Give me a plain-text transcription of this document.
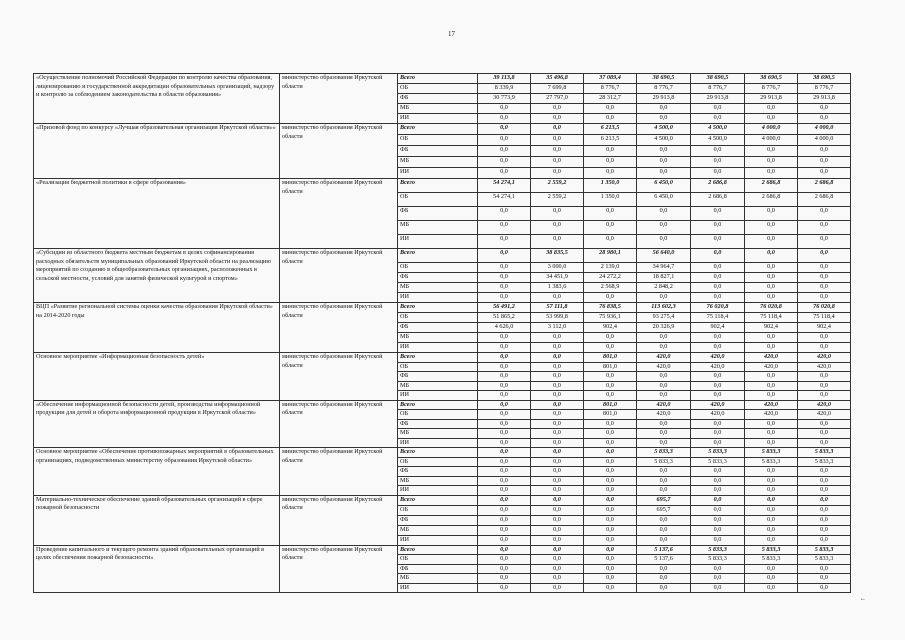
17
«Осуществление полномочий Российской Федерации по контролю качества образования, лицензированию и государственной аккредитации образовательных организаций, надзору и контролю за соблюдением законодательства в области образования»	министерство образования Иркутской области	Всего	39 113,8	35 496,8	37 089,4	38 690,5	38 690,5	38 690,5	38 690,5
		ОБ	8 339,9	7 699,8	8 776,7	8 776,7	8 776,7	8 776,7	8 776,7
		ФБ	30 773,9	27 797,0	28 312,7	29 913,8	29 913,8	29 913,8	29 913,8
		МБ	0,0	0,0	0,0	0,0	0,0	0,0	0,0
		ИИ	0,0	0,0	0,0	0,0	0,0	0,0	0,0
«Призовой фонд по конкурсу «Лучшая образовательная организация Иркутской области»»	министерство образования Иркутской области	Всего	0,0	0,0	6 213,5	4 500,0	4 500,0	4 000,0	4 000,0
		ОБ	0,0	0,0	6 213,5	4 500,0	4 500,0	4 000,0	4 000,0
		ФБ	0,0	0,0	0,0	0,0	0,0	0,0	0,0
		МБ	0,0	0,0	0,0	0,0	0,0	0,0	0,0
		ИИ	0,0	0,0	0,0	0,0	0,0	0,0	0,0
«Реализация бюджетной политики в сфере образования»	министерство образования Иркутской области	Всего	54 274,1	2 559,2	1 350,0	6 450,0	2 686,8	2 686,8	2 686,8
		ОБ	54 274,1	2 559,2	1 350,0	6 450,0	2 686,8	2 686,8	2 686,8
		ФБ	0,0	0,0	0,0	0,0	0,0	0,0	0,0
		МБ	0,0	0,0	0,0	0,0	0,0	0,0	0,0
		ИИ	0,0	0,0	0,0	0,0	0,0	0,0	0,0
«Субсидии из областного бюджета местным бюджетам в целях софинансирования расходных обязательств муниципальных образований Иркутской области на реализацию мероприятий по созданию в общеобразовательных организациях, расположенных в сельской местности, условий для занятий физической культурой и спортом»	министерство образования Иркутской области	Всего	0,0	38 835,5	28 980,1	56 640,0	0,0	0,0	0,0
		ОБ	0,0	3 000,0	2 139,0	34 964,7	0,0	0,0	0,0
		ФБ	0,0	34 451,9	24 272,2	18 827,1	0,0	0,0	0,0
		МБ	0,0	1 383,6	2 568,9	2 848,2	0,0	0,0	0,0
		ИИ	0,0	0,0	0,0	0,0	0,0	0,0	0,0
ВЦП «Развитие региональной системы оценки качества образования Иркутской области» на 2014-2020 годы	министерство образования Иркутской области	Всего	56 491,2	57 111,8	76 838,5	113 602,3	76 020,8	76 020,8	76 020,8
		ОБ	51 865,2	53 999,8	75 936,1	93 275,4	75 118,4	75 118,4	75 118,4
		ФБ	4 626,0	3 112,0	902,4	20 326,9	902,4	902,4	902,4
		МБ	0,0	0,0	0,0	0,0	0,0	0,0	0,0
		ИИ	0,0	0,0	0,0	0,0	0,0	0,0	0,0
Основное мероприятие «Информационная безопасность детей»	министерство образования Иркутской области	Всего	0,0	0,0	801,0	420,0	420,0	420,0	420,0
		ОБ	0,0	0,0	801,0	420,0	420,0	420,0	420,0
		ФБ	0,0	0,0	0,0	0,0	0,0	0,0	0,0
		МБ	0,0	0,0	0,0	0,0	0,0	0,0	0,0
		ИИ	0,0	0,0	0,0	0,0	0,0	0,0	0,0
«Обеспечение информационной безопасности детей, производства информационной продукции для детей и оборота информационной продукции в Иркутской области»	министерство образования Иркутской области	Всего	0,0	0,0	801,0	420,0	420,0	420,0	420,0
		ОБ	0,0	0,0	801,0	420,0	420,0	420,0	420,0
		ФБ	0,0	0,0	0,0	0,0	0,0	0,0	0,0
		МБ	0,0	0,0	0,0	0,0	0,0	0,0	0,0
		ИИ	0,0	0,0	0,0	0,0	0,0	0,0	0,0
Основное мероприятие «Обеспечение противопожарных мероприятий в образовательных организациях, подведомственных министерству образования Иркутской области»	министерство образования Иркутской области	Всего	0,0	0,0	0,0	5 833,3	5 833,3	5 833,3	5 833,3
		ОБ	0,0	0,0	0,0	5 833,3	5 833,3	5 833,3	5 833,3
		ФБ	0,0	0,0	0,0	0,0	0,0	0,0	0,0
		МБ	0,0	0,0	0,0	0,0	0,0	0,0	0,0
		ИИ	0,0	0,0	0,0	0,0	0,0	0,0	0,0
Материально-техническое обеспечение зданий образовательных организаций в сфере пожарной безопасности	министерство образования Иркутской области	Всего	0,0	0,0	0,0	695,7	0,0	0,0	0,0
		ОБ	0,0	0,0	0,0	695,7	0,0	0,0	0,0
		ФБ	0,0	0,0	0,0	0,0	0,0	0,0	0,0
		МБ	0,0	0,0	0,0	0,0	0,0	0,0	0,0
		ИИ	0,0	0,0	0,0	0,0	0,0	0,0	0,0
Проведение капитального и текущего ремонта зданий образовательных организаций в целях обеспечения пожарной безопасности»	министерство образования Иркутской области	Всего	0,0	0,0	0,0	5 137,6	5 833,3	5 833,3	5 833,3
		ОБ	0,0	0,0	0,0	5 137,6	5 833,3	5 833,3	5 833,3
		ФБ	0,0	0,0	0,0	0,0	0,0	0,0	0,0
		МБ	0,0	0,0	0,0	0,0	0,0	0,0	0,0
		ИИ	0,0	0,0	0,0	0,0	0,0	0,0	0,0
←
